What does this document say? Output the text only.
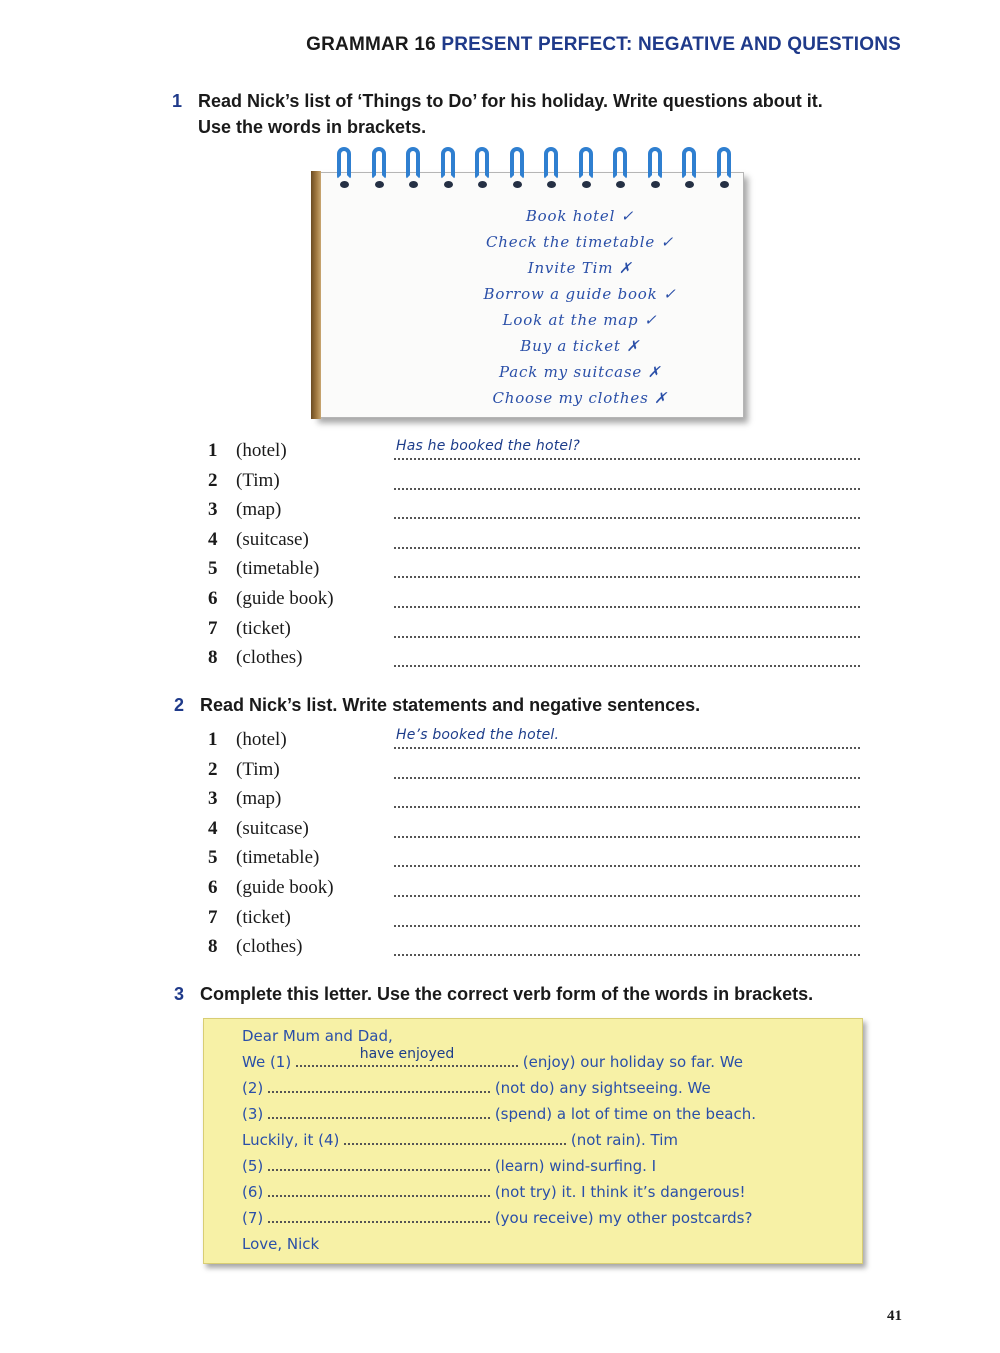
GRAMMAR 16 PRESENT PERFECT: NEGATIVE AND QUESTIONS
1 Read Nick’s list of ‘Things to Do’ for his holiday. Write questions about it.
Use the words in brackets.
Book hotel ✓
Check the timetable ✓
Invite Tim ✗
Borrow a guide book ✓
Look at the map ✓
Buy a ticket ✗
Pack my suitcase ✗
Choose my clothes ✗
1 (hotel)	Has he booked the hotel?
2 (Tim)
3 (map)
4 (suitcase)
5 (timetable)
6 (guide book)
7 (ticket)
8 (clothes)
2 Read Nick’s list. Write statements and negative sentences.
1 (hotel)	He’s booked the hotel.
2 (Tim)
3 (map)
4 (suitcase)
5 (timetable)
6 (guide book)
7 (ticket)
8 (clothes)
3 Complete this letter. Use the correct verb form of the words in brackets.
Dear Mum and Dad,
We (1)	have enjoyed	(enjoy) our holiday so far. We
(2)	(not do) any sightseeing. We
(3)	(spend) a lot of time on the beach.
Luckily, it (4)	(not rain). Tim
(5)	(learn) wind-surfing. I
(6)	(not try) it. I think it’s dangerous!
(7)	(you receive) my other postcards?
Love, Nick
41
